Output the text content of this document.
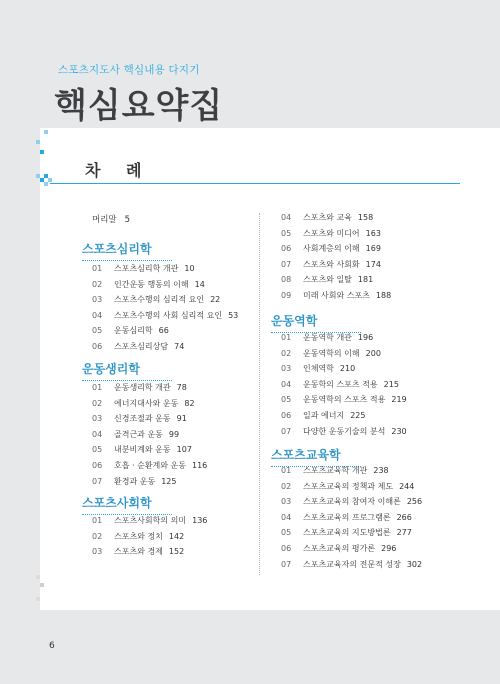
스포츠지도사 핵심내용 다지기
핵심요약집
차 례
머리말 5
스포츠심리학
01 스포츠심리학 개관 10
02 인간운동 행동의 이해 14
03 스포츠수행의 심리적 요인 22
04 스포츠수행의 사회 심리적 요인 53
05 운동심리학 66
06 스포츠심리상담 74
운동생리학
01 운동생리학 개관 78
02 에너지대사와 운동 82
03 신경조절과 운동 91
04 골격근과 운동 99
05 내분비계와 운동 107
06 호흡 · 순환계와 운동 116
07 환경과 운동 125
스포츠사회학
01 스포츠사회학의 의미 136
02 스포츠와 정치 142
03 스포츠와 경제 152
04 스포츠와 교육 158
05 스포츠와 미디어 163
06 사회계층의 이해 169
07 스포츠와 사회화 174
08 스포츠와 일탈 181
09 미래 사회와 스포츠 188
운동역학
01 운동역학 개관 196
02 운동역학의 이해 200
03 인체역학 210
04 운동학의 스포츠 적용 215
05 운동역학의 스포츠 적용 219
06 일과 에너지 225
07 다양한 운동기술의 분석 230
스포츠교육학
01 스포츠교육학 개관 238
02 스포츠교육의 정책과 제도 244
03 스포츠교육의 참여자 이해론 256
04 스포츠교육의 프로그램론 266
05 스포츠교육의 지도방법론 277
06 스포츠교육의 평가론 296
07 스포츠교육자의 전문적 성장 302
6
